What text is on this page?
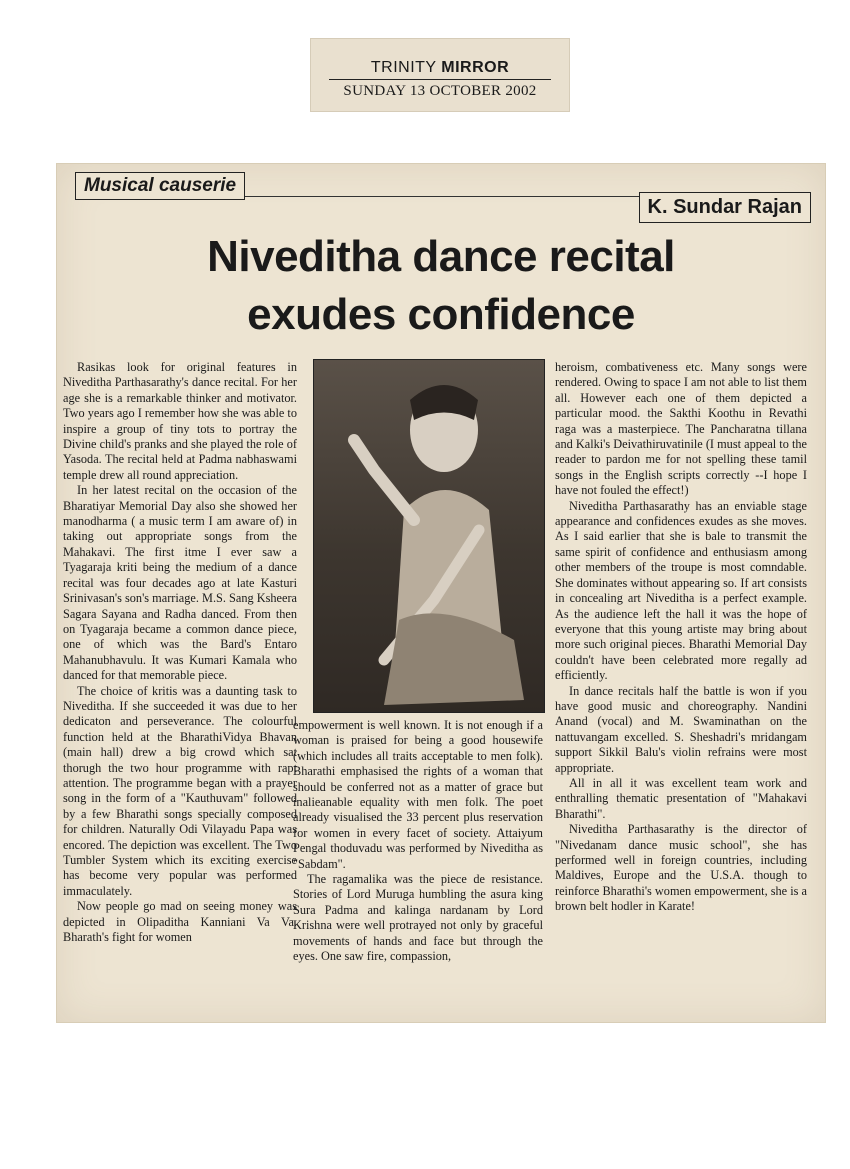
TRINITY MIRROR
SUNDAY 13 OCTOBER 2002
Musical causerie
K. Sundar Rajan
Niveditha dance recital
exudes confidence

Rasikas look for original features in Niveditha Parthasarathy's dance recital. For her age she is a remarkable thinker and motivator. Two years ago I remember how she was able to inspire a group of tiny tots to portray the Divine child's pranks and she played the role of Yasoda. The recital held at Padma nabhaswami temple drew all round appreciation.

In her latest recital on the occasion of the Bharatiyar Memorial Day also she showed her manodharma ( a music term I am aware of) in taking out appropriate songs from the Mahakavi. The first itme I ever saw a Tyagaraja kriti being the medium of a dance recital was four decades ago at late Kasturi Srinivasan's son's marriage. M.S. Sang Ksheera Sagara Sayana and Radha danced. From then on Tyagaraja became a common dance piece, one of which was the Bard's Entaro Mahanubhavulu. It was Kumari Kamala who danced for that memorable piece.

The choice of kritis was a daunting task to Niveditha. If she succeeded it was due to her dedicaton and perseverance. The colourful function held at the BharathiVidya Bhavan (main hall) drew a big crowd which sat thorugh the two hour programme with rapt attention. The programme began with a prayer song in the form of a "Kauthuvam" followed by a few Bharathi songs specially composed for children. Naturally Odi Vilayadu Papa was encored. The depiction was excellent. The Two Tumbler System which its exciting exercise has become very popular was performed immaculately.

Now people go mad on seeing money was depicted in Olipaditha Kanniani Va Va. Bharath's fight for women

empowerment is well known. It is not enough if a woman is praised for being a good housewife (which includes all traits acceptable to men folk). Bharathi emphasised the rights of a woman that should be conferred not as a matter of grace but inalieanable equality with men folk. The poet already visualised the 33 percent plus reservation for women in every facet of society. Attaiyum Pengal thoduvadu was performed by Niveditha as "Sabdam".

The ragamalika was the piece de resistance. Stories of Lord Muruga humbling the asura king Sura Padma and kalinga nardanam by Lord Krishna were well protrayed not only by graceful movements of hands and face but through the eyes. One saw fire, compassion,

heroism, combativeness etc. Many songs were rendered. Owing to space I am not able to list them all. However each one of them depicted a particular mood. the Sakthi Koothu in Revathi raga was a masterpiece. The Pancharatna tillana and Kalki's Deivathiruvatinile (I must appeal to the reader to pardon me for not spelling these tamil songs in the English scripts correctly --I hope I have not fouled the effect!)

Niveditha Parthasarathy has an enviable stage appearance and confidences exudes as she moves. As I said earlier that she is bale to transmit the same spirit of confidence and enthusiasm among other members of the troupe is most comndable. She dominates without appearing so. If art consists in concealing art Niveditha is a perfect example. As the audience left the hall it was the hope of everyone that this young artiste may bring about more such original pieces. Bharathi Memorial Day couldn't have been celebrated more regally ad efficiently.

In dance recitals half the battle is won if you have good music and choreography. Nandini Anand (vocal) and M. Swaminathan on the nattuvangam excelled. S. Sheshadri's mridangam support Sikkil Balu's violin refrains were most appropriate.

All in all it was excellent team work and enthralling thematic presentation of "Mahakavi Bharathi".

Niveditha Parthasarathy is the director of "Nivedanam dance music school", she has performed well in foreign countries, including Maldives, Europe and the U.S.A. though to reinforce Bharathi's women empowerment, she is a brown belt hodler in Karate!
